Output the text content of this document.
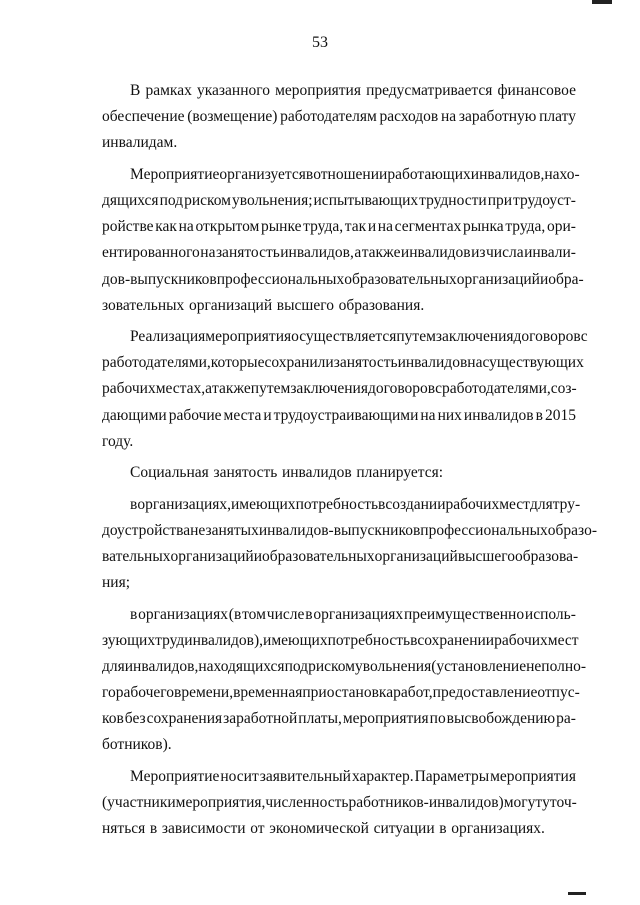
53
В рамках указанного мероприятия предусматривается финансовое
обеспечение (возмещение) работодателям расходов на заработную плату
инвалидам.
Мероприятие организуется в отношении работающих инвалидов, нахо-
дящихся под риском увольнения; испытывающих трудности при трудоуст-
ройстве как на открытом рынке труда, так и на сегментах рынка труда, ори-
ентированного на занятость инвалидов, а также инвалидов из числа инвали-
дов-выпускников профессиональных образовательных организаций и обра-
зовательных организаций высшего образования.
Реализация мероприятия осуществляется путем заключения договоров с
работодателями, которые сохранили занятость инвалидов на существующих
рабочих местах, а также путем заключения договоров с работодателями, соз-
дающими рабочие места и трудоустраивающими на них инвалидов в 2015
году.
Социальная занятость инвалидов планируется:
в организациях, имеющих потребность в создании рабочих мест для тру-
доустройства незанятых инвалидов-выпускников профессиональных образо-
вательных организаций и образовательных организаций высшего образова-
ния;
в организациях (в том числе в организациях преимущественно исполь-
зующих труд инвалидов), имеющих потребность в сохранении рабочих мест
для инвалидов, находящихся под риском увольнения (установление неполно-
го рабочего времени, временная приостановка работ, предоставление отпус-
ков без сохранения заработной платы, мероприятия по высвобождению ра-
ботников).
Мероприятие носит заявительный характер. Параметры мероприятия
(участники мероприятия, численность работников-инвалидов) могут уточ-
няться в зависимости от экономической ситуации в организациях.
